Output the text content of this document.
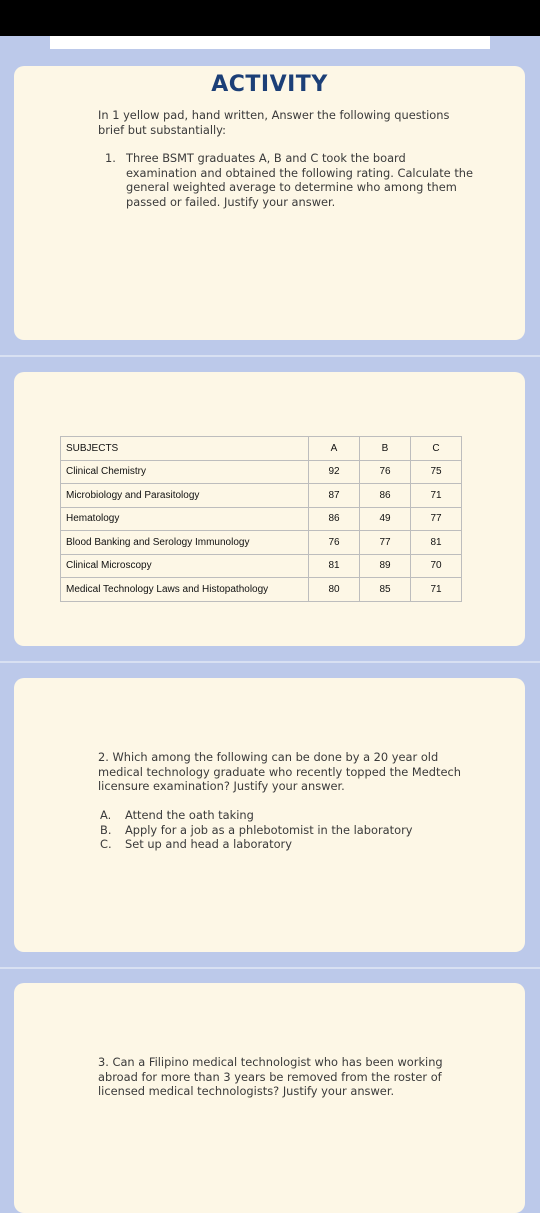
ACTIVITY
In 1 yellow pad, hand written, Answer the following questions
brief but substantially:
1. Three BSMT graduates A, B and C took the board
examination and obtained the following rating. Calculate the
general weighted average to determine who among them
passed or failed. Justify your answer.
SUBJECTS	A	B	C
Clinical Chemistry	92	76	75
Microbiology and Parasitology	87	86	71
Hematology	86	49	77
Blood Banking and Serology Immunology	76	77	81
Clinical Microscopy	81	89	70
Medical Technology Laws and Histopathology	80	85	71
2. Which among the following can be done by a 20 year old
medical technology graduate who recently topped the Medtech
licensure examination? Justify your answer.
A. Attend the oath taking
B. Apply for a job as a phlebotomist in the laboratory
C. Set up and head a laboratory
3. Can a Filipino medical technologist who has been working
abroad for more than 3 years be removed from the roster of
licensed medical technologists? Justify your answer.
